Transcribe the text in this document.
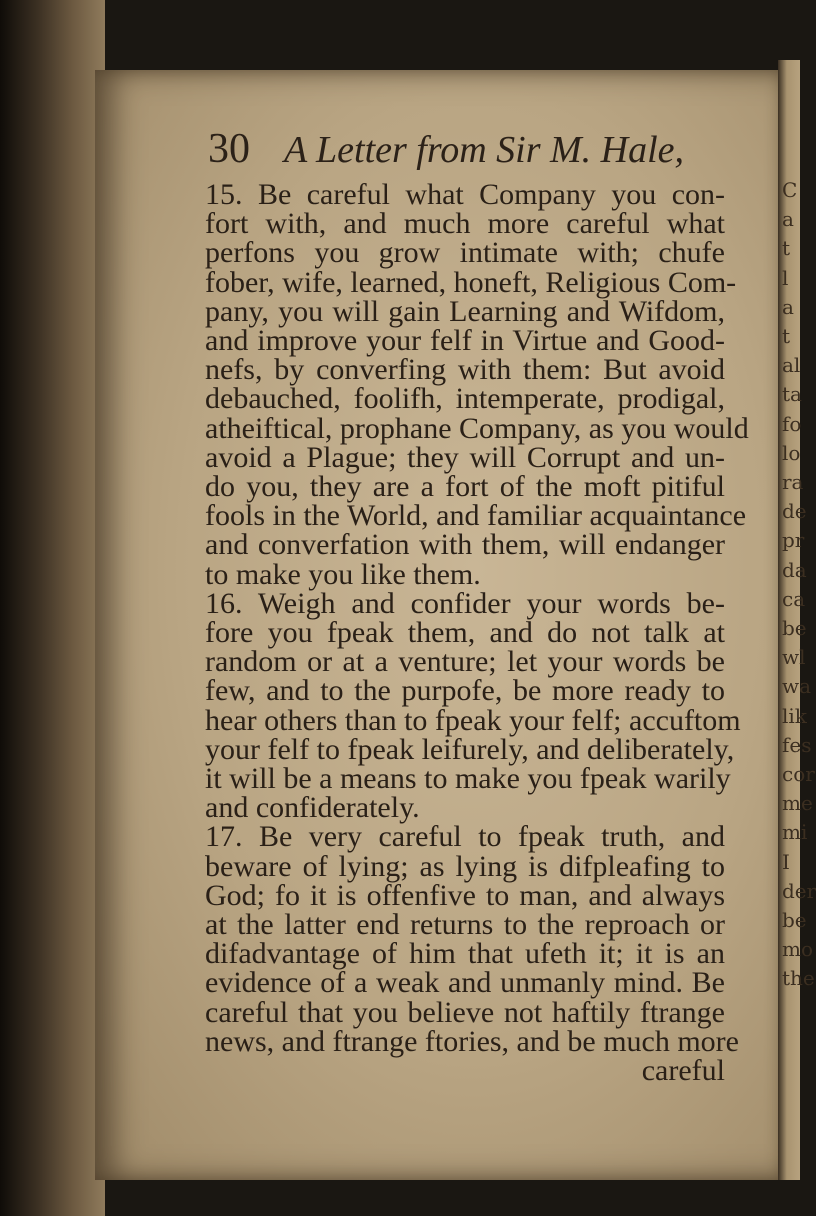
C
a
t
l
a
t
al
ta
fo
lo
ra
de
pr
da
ca
be
wl
wa
lik
fes
cor
me
mi
I
der
be
mo
the
30 A Letter from Sir M. Hale,
15. Be careful what Company you con-
fort with, and much more careful what
perfons you grow intimate with; chufe
fober, wife, learned, honeft, Religious Com-
pany, you will gain Learning and Wifdom,
and improve your felf in Virtue and Good-
nefs, by converfing with them: But avoid
debauched, foolifh, intemperate, prodigal,
atheiftical, prophane Company, as you would
avoid a Plague; they will Corrupt and un-
do you, they are a fort of the moft pitiful
fools in the World, and familiar acquaintance
and converfation with them, will endanger
to make you like them.
16. Weigh and confider your words be-
fore you fpeak them, and do not talk at
random or at a venture; let your words be
few, and to the purpofe, be more ready to
hear others than to fpeak your felf; accuftom
your felf to fpeak leifurely, and deliberately,
it will be a means to make you fpeak warily
and confiderately.
17. Be very careful to fpeak truth, and
beware of lying; as lying is difpleafing to
God; fo it is offenfive to man, and always
at the latter end returns to the reproach or
difadvantage of him that ufeth it; it is an
evidence of a weak and unmanly mind. Be
careful that you believe not haftily ftrange
news, and ftrange ftories, and be much more
careful
